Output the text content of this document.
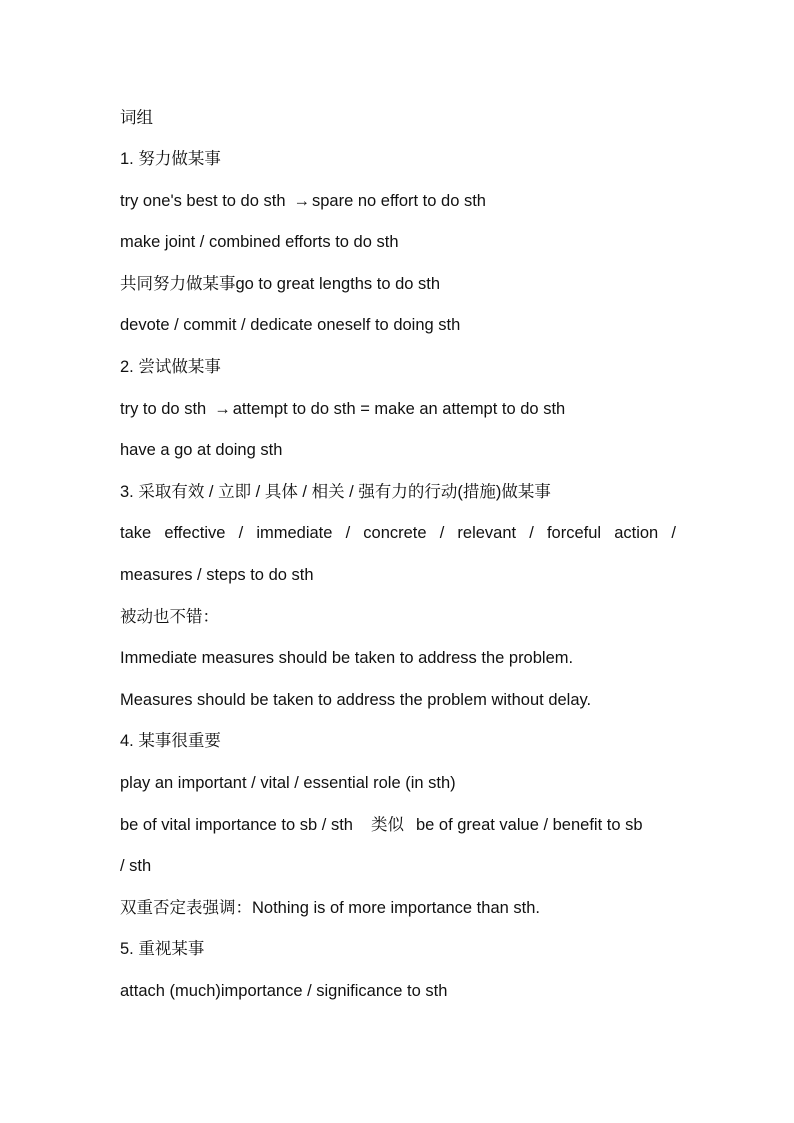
词组
1. 努力做某事
try one's best to do sth → spare no effort to do sth
make joint / combined efforts to do sth
共同努力做某事go to great lengths to do sth
devote / commit / dedicate oneself to doing sth
2. 尝试做某事
try to do sth → attempt to do sth = make an attempt to do sth
have a go at doing sth
3. 采取有效 / 立即 / 具体 / 相关 / 强有力的行动(措施)做某事
take effective / immediate / concrete / relevant / forceful action /
measures / steps to do sth
被动也不错：
Immediate measures should be taken to address the problem.
Measures should be taken to address the problem without delay.
4. 某事很重要
play an important / vital / essential role (in sth)
be of vital importance to sb / sth 类似 be of great value / benefit to sb
/ sth
双重否定表强调：Nothing is of more importance than sth.
5. 重视某事
attach (much)importance / significance to sth
